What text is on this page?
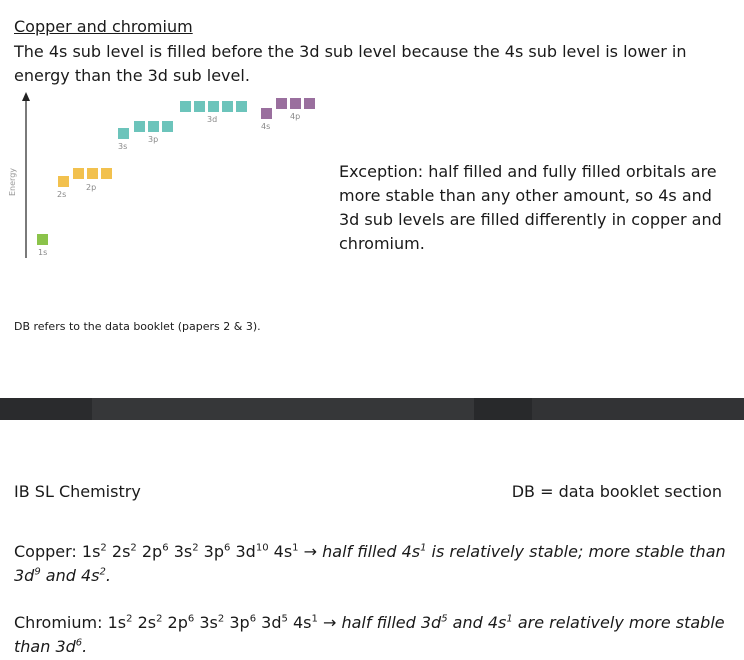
Copper and chromium
The 4s sub level is filled before the 3d sub level because the 4s sub level is lower in energy than the 3d sub level.
Energy
1s
2s
2p
3s
3p
3d
4s
4p
Exception: half filled and fully filled orbitals are more stable than any other amount, so 4s and 3d sub levels are filled differently in copper and chromium.
DB refers to the data booklet (papers 2 & 3).
IB SL Chemistry	DB = data booklet section
Copper: $1s^2$ $2s^2$ $2p^6$ $3s^2$ $3p^6$ $3d^{10}$ $4s^1$ → half filled $4s^1$ is relatively stable; more stable than $3d^9$ and $4s^2$.
Chromium: $1s^2$ $2s^2$ $2p^6$ $3s^2$ $3p^6$ $3d^5$ $4s^1$ → half filled $3d^5$ and $4s^1$ are relatively more stable than $3d^6$.
